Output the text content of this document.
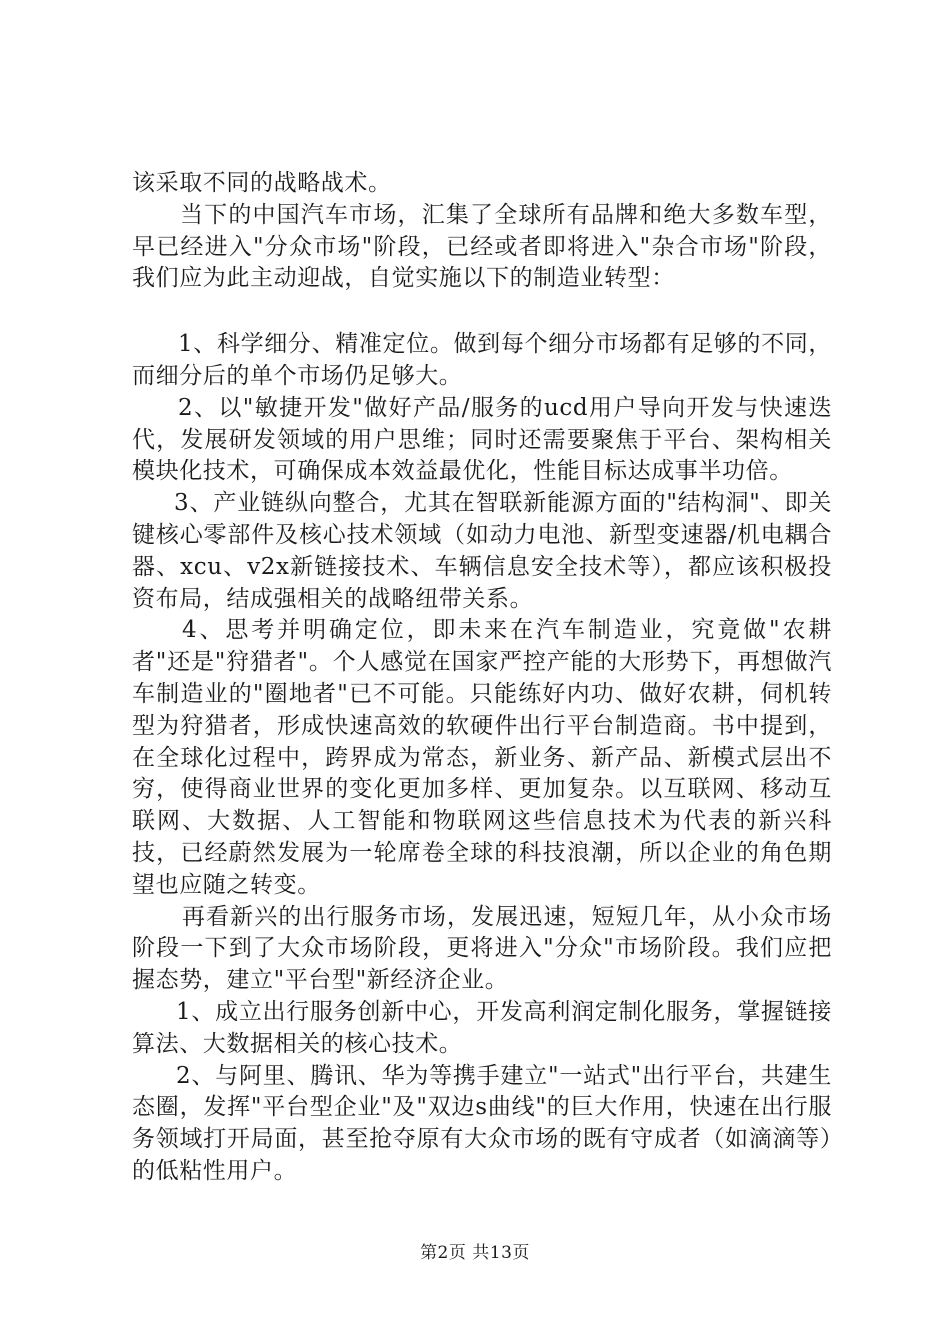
该采取不同的战略战术。

当下的中国汽车市场，汇集了全球所有品牌和绝大多数车型，早已经进入"分众市场"阶段，已经或者即将进入"杂合市场"阶段，我们应为此主动迎战，自觉实施以下的制造业转型：

1、科学细分、精准定位。做到每个细分市场都有足够的不同，而细分后的单个市场仍足够大。

2、以"敏捷开发"做好产品/服务的ucd用户导向开发与快速迭代，发展研发领域的用户思维；同时还需要聚焦于平台、架构相关模块化技术，可确保成本效益最优化，性能目标达成事半功倍。

3、产业链纵向整合，尤其在智联新能源方面的"结构洞"、即关键核心零部件及核心技术领域（如动力电池、新型变速器/机电耦合器、xcu、v2x新链接技术、车辆信息安全技术等），都应该积极投资布局，结成强相关的战略纽带关系。

4、思考并明确定位，即未来在汽车制造业，究竟做"农耕者"还是"狩猎者"。个人感觉在国家严控产能的大形势下，再想做汽车制造业的"圈地者"已不可能。只能练好内功、做好农耕，伺机转型为狩猎者，形成快速高效的软硬件出行平台制造商。书中提到，在全球化过程中，跨界成为常态，新业务、新产品、新模式层出不穷，使得商业世界的变化更加多样、更加复杂。以互联网、移动互联网、大数据、人工智能和物联网这些信息技术为代表的新兴科技，已经蔚然发展为一轮席卷全球的科技浪潮，所以企业的角色期望也应随之转变。

再看新兴的出行服务市场，发展迅速，短短几年，从小众市场阶段一下到了大众市场阶段，更将进入"分众"市场阶段。我们应把握态势，建立"平台型"新经济企业。

1、成立出行服务创新中心，开发高利润定制化服务，掌握链接算法、大数据相关的核心技术。

2、与阿里、腾讯、华为等携手建立"一站式"出行平台，共建生态圈，发挥"平台型企业"及"双边s曲线"的巨大作用，快速在出行服务领域打开局面，甚至抢夺原有大众市场的既有守成者（如滴滴等）的低粘性用户。

第2页 共13页
